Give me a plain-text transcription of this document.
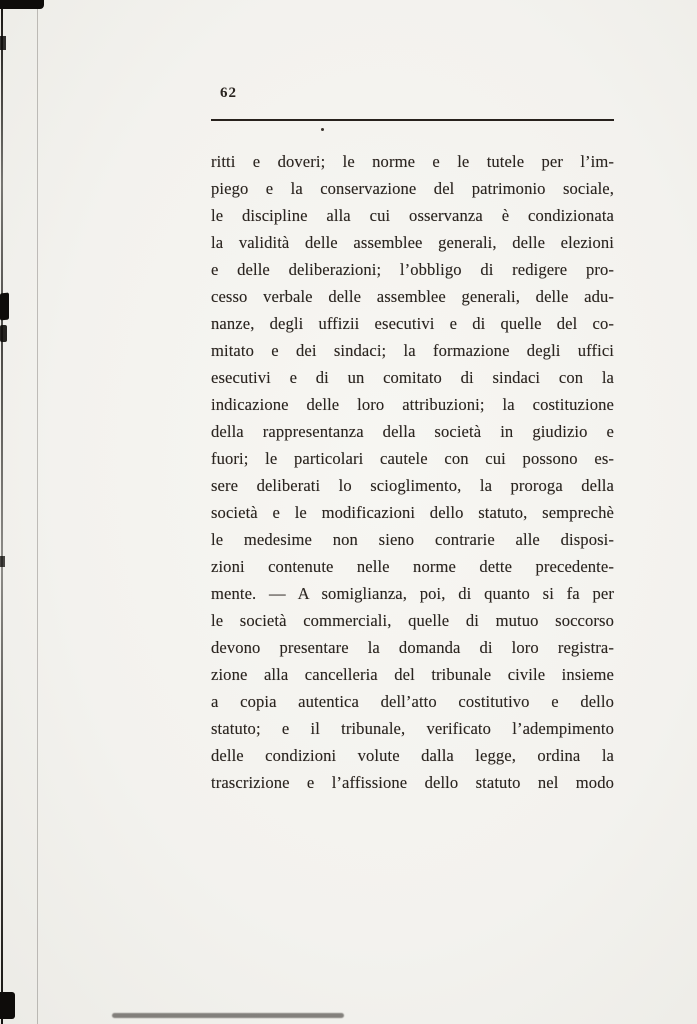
62
ritti e doveri; le norme e le tutele per l’im-
piego e la conservazione del patrimonio sociale,
le discipline alla cui osservanza è condizionata
la validità delle assemblee generali, delle elezioni
e delle deliberazioni; l’obbligo di redigere pro-
cesso verbale delle assemblee generali, delle adu-
nanze, degli uffizii esecutivi e di quelle del co-
mitato e dei sindaci; la formazione degli uffici
esecutivi e di un comitato di sindaci con la
indicazione delle loro attribuzioni; la costituzione
della rappresentanza della società in giudizio e
fuori; le particolari cautele con cui possono es-
sere deliberati lo scioglimento, la proroga della
società e le modificazioni dello statuto, semprechè
le medesime non sieno contrarie alle disposi-
zioni contenute nelle norme dette precedente-
mente. — A somiglianza, poi, di quanto si fa per
le società commerciali, quelle di mutuo soccorso
devono presentare la domanda di loro registra-
zione alla cancelleria del tribunale civile insieme
a copia autentica dell’atto costitutivo e dello
statuto; e il tribunale, verificato l’adempimento
delle condizioni volute dalla legge, ordina la
trascrizione e l’affissione dello statuto nel modo
